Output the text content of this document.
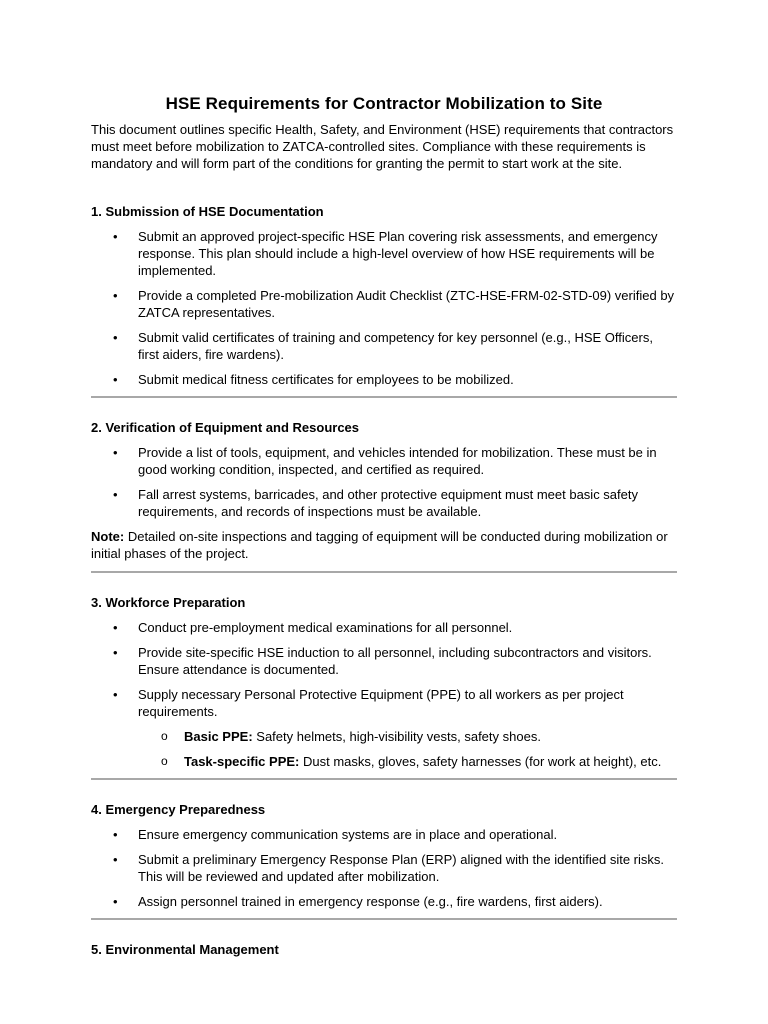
HSE Requirements for Contractor Mobilization to Site

This document outlines specific Health, Safety, and Environment (HSE) requirements that contractors must meet before mobilization to ZATCA-controlled sites. Compliance with these requirements is mandatory and will form part of the conditions for granting the permit to start work at the site.

1. Submission of HSE Documentation
• Submit an approved project-specific HSE Plan covering risk assessments, and emergency response. This plan should include a high-level overview of how HSE requirements will be implemented.
• Provide a completed Pre-mobilization Audit Checklist (ZTC-HSE-FRM-02-STD-09) verified by ZATCA representatives.
• Submit valid certificates of training and competency for key personnel (e.g., HSE Officers, first aiders, fire wardens).
• Submit medical fitness certificates for employees to be mobilized.
2. Verification of Equipment and Resources
• Provide a list of tools, equipment, and vehicles intended for mobilization. These must be in good working condition, inspected, and certified as required.
• Fall arrest systems, barricades, and other protective equipment must meet basic safety requirements, and records of inspections must be available.

Note: Detailed on-site inspections and tagging of equipment will be conducted during mobilization or initial phases of the project.

3. Workforce Preparation
• Conduct pre-employment medical examinations for all personnel.
• Provide site-specific HSE induction to all personnel, including subcontractors and visitors. Ensure attendance is documented.
• Supply necessary Personal Protective Equipment (PPE) to all workers as per project requirements.
o Basic PPE: Safety helmets, high-visibility vests, safety shoes.
o Task-specific PPE: Dust masks, gloves, safety harnesses (for work at height), etc.
4. Emergency Preparedness
• Ensure emergency communication systems are in place and operational.
• Submit a preliminary Emergency Response Plan (ERP) aligned with the identified site risks. This will be reviewed and updated after mobilization.
• Assign personnel trained in emergency response (e.g., fire wardens, first aiders).
5. Environmental Management
